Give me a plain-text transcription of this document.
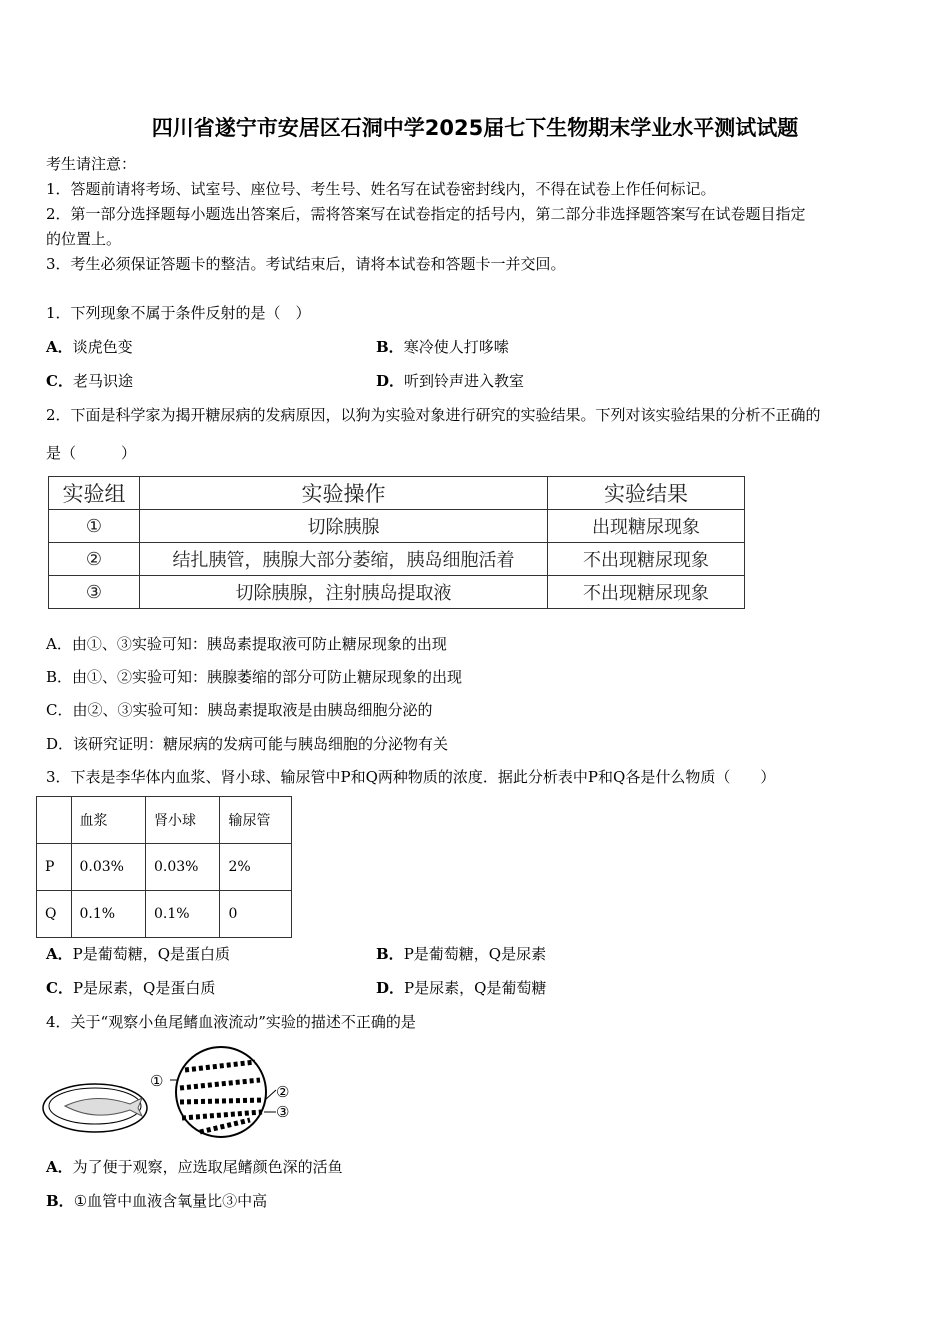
四川省遂宁市安居区石洞中学2025届七下生物期末学业水平测试试题
考生请注意：
1．答题前请将考场、试室号、座位号、考生号、姓名写在试卷密封线内，不得在试卷上作任何标记。
2．第一部分选择题每小题选出答案后，需将答案写在试卷指定的括号内，第二部分非选择题答案写在试卷题目指定
的位置上。
3．考生必须保证答题卡的整洁。考试结束后，请将本试卷和答题卡一并交回。
1．下列现象不属于条件反射的是（　）
A．谈虎色变	B．寒冷使人打哆嗦
C．老马识途	D．听到铃声进入教室
2．下面是科学家为揭开糖尿病的发病原因，以狗为实验对象进行研究的实验结果。下列对该实验结果的分析不正确的
是（　　　）
实验组	实验操作	实验结果
①	切除胰腺	出现糖尿现象
②	结扎胰管，胰腺大部分萎缩，胰岛细胞活着	不出现糖尿现象
③	切除胰腺，注射胰岛提取液	不出现糖尿现象
A．由①、③实验可知：胰岛素提取液可防止糖尿现象的出现
B．由①、②实验可知：胰腺萎缩的部分可防止糖尿现象的出现
C．由②、③实验可知：胰岛素提取液是由胰岛细胞分泌的
D．该研究证明：糖尿病的发病可能与胰岛细胞的分泌物有关
3．下表是李华体内血浆、肾小球、输尿管中P和Q两种物质的浓度．据此分析表中P和Q各是什么物质（　　）
	血浆	肾小球	输尿管
P	0.03%	0.03%	2%
Q	0.1%	0.1%	0
A．P是葡萄糖，Q是蛋白质	B．P是葡萄糖，Q是尿素
C．P是尿素，Q是蛋白质	D．P是尿素，Q是葡萄糖
4．关于“观察小鱼尾鳍血液流动”实验的描述不正确的是
①
②
③
A．为了便于观察，应选取尾鳍颜色深的活鱼
B．①血管中血液含氧量比③中高
